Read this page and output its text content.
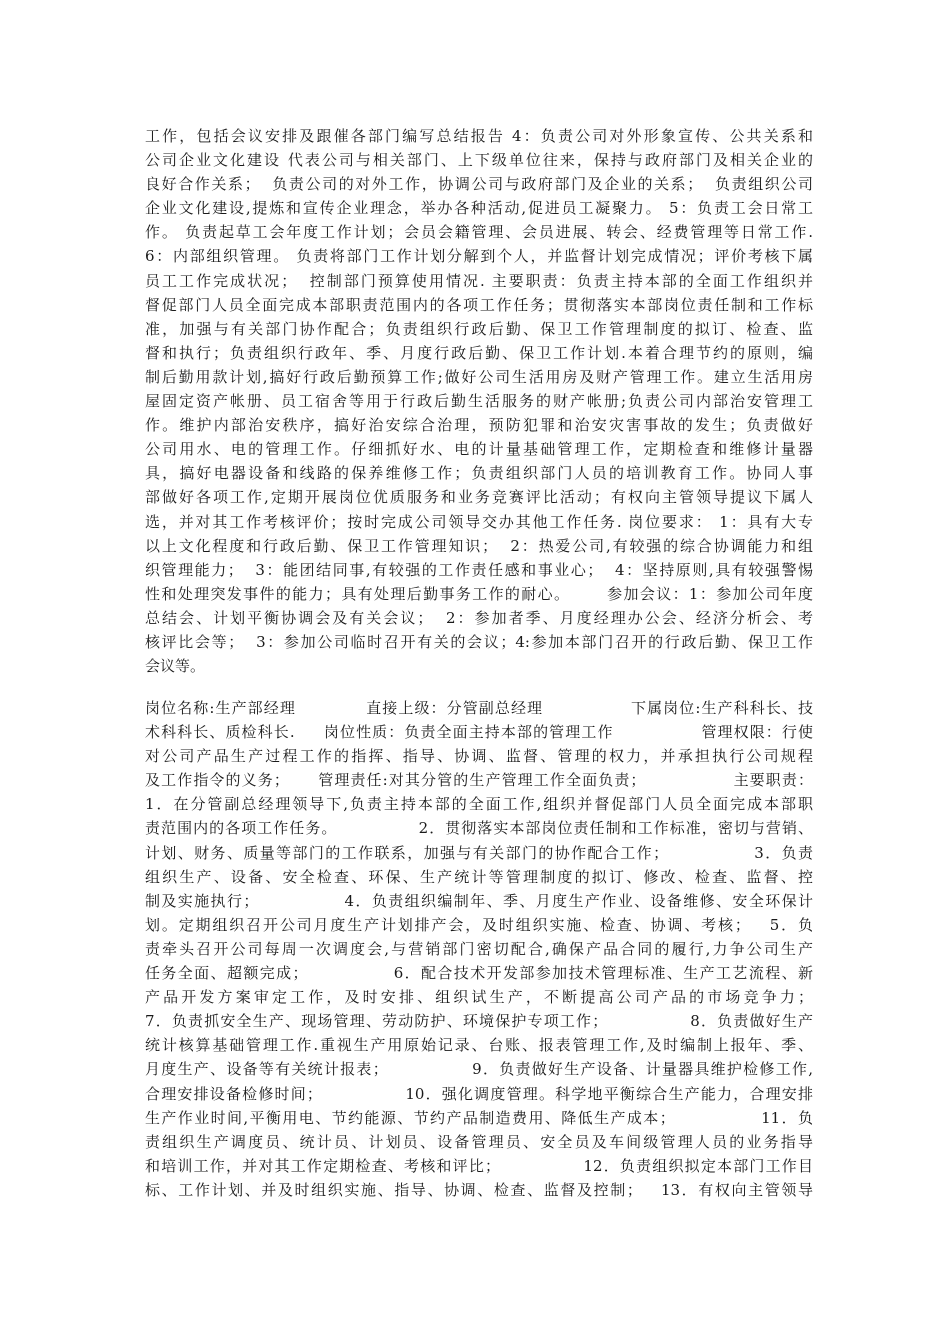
工作，包括会议安排及跟催各部门编写总结报告 4：负责公司对外形象宣传、公共关系和
公司企业文化建设 代表公司与相关部门、上下级单位往来，保持与政府部门及相关企业的
良好合作关系；  负责公司的对外工作，协调公司与政府部门及企业的关系；  负责组织公司
企业文化建设,提炼和宣传企业理念，举办各种活动,促进员工凝聚力。 5：负责工会日常工
作。 负责起草工会年度工作计划；会员会籍管理、会员进展、转会、经费管理等日常工作.
6：内部组织管理。 负责将部门工作计划分解到个人，并监督计划完成情况；评价考核下属
员工工作完成状况；  控制部门预算使用情况. 主要职责：负责主持本部的全面工作组织并
督促部门人员全面完成本部职责范围内的各项工作任务；贯彻落实本部岗位责任制和工作标
准，加强与有关部门协作配合；负责组织行政后勤、保卫工作管理制度的拟订、检查、监
督和执行；负责组织行政年、季、月度行政后勤、保卫工作计划.本着合理节约的原则，编
制后勤用款计划,搞好行政后勤预算工作;做好公司生活用房及财产管理工作。建立生活用房
屋固定资产帐册、员工宿舍等用于行政后勤生活服务的财产帐册;负责公司内部治安管理工
作。维护内部治安秩序，搞好治安综合治理，预防犯罪和治安灾害事故的发生；负责做好
公司用水、电的管理工作。仔细抓好水、电的计量基础管理工作，定期检查和维修计量器
具，搞好电器设备和线路的保养维修工作；负责组织部门人员的培训教育工作。协同人事
部做好各项工作,定期开展岗位优质服务和业务竞赛评比活动；有权向主管领导提议下属人
选，并对其工作考核评价；按时完成公司领导交办其他工作任务. 岗位要求： 1：具有大专
以上文化程度和行政后勤、保卫工作管理知识；  2：热爱公司,有较强的综合协调能力和组
织管理能力；  3：能团结同事,有较强的工作责任感和事业心；  4：坚持原则,具有较强警惕
性和处理突发事件的能力；具有处理后勤事务工作的耐心。      参加会议：1：参加公司年度
总结会、计划平衡协调会及有关会议；  2：参加者季、月度经理办公会、经济分析会、考
核评比会等；  3：参加公司临时召开有关的会议；4:参加本部门召开的行政后勤、保卫工作
会议等。
岗位名称:生产部经理            直接上级：分管副总经理               下属岗位:生产科科长、技
术科科长、质检科长.     岗位性质：负责全面主持本部的管理工作               管理权限：行使
对公司产品生产过程工作的指挥、指导、协调、监督、管理的权力，并承担执行公司规程
及工作指令的义务；     管理责任:对其分管的生产管理工作全面负责；               主要职责：
1．在分管副总经理领导下,负责主持本部的全面工作,组织并督促部门人员全面完成本部职
责范围内的各项工作任务。              2．贯彻落实本部岗位责任制和工作标准，密切与营销、
计划、财务、质量等部门的工作联系，加强与有关部门的协作配合工作；              3．负责
组织生产、设备、安全检查、环保、生产统计等管理制度的拟订、修改、检查、监督、控
制及实施执行；              4．负责组织编制年、季、月度生产作业、设备维修、安全环保计
划。定期组织召开公司月度生产计划排产会，及时组织实施、检查、协调、考核；   5．负
责牵头召开公司每周一次调度会,与营销部门密切配合,确保产品合同的履行,力争公司生产
任务全面、超额完成；              6．配合技术开发部参加技术管理标准、生产工艺流程、新
产品开发方案审定工作，及时安排、组织试生产，不断提高公司产品的市场竞争力；
7．负责抓安全生产、现场管理、劳动防护、环境保护专项工作；              8．负责做好生产
统计核算基础管理工作.重视生产用原始记录、台账、报表管理工作,及时编制上报年、季、
月度生产、设备等有关统计报表；              9．负责做好生产设备、计量器具维护检修工作,
合理安排设备检修时间；              10．强化调度管理。科学地平衡综合生产能力，合理安排
生产作业时间,平衡用电、节约能源、节约产品制造费用、降低生产成本；              11．负
责组织生产调度员、统计员、计划员、设备管理员、安全员及车间级管理人员的业务指导
和培训工作，并对其工作定期检查、考核和评比；              12．负责组织拟定本部门工作目
标、工作计划、并及时组织实施、指导、协调、检查、监督及控制；   13．有权向主管领导
